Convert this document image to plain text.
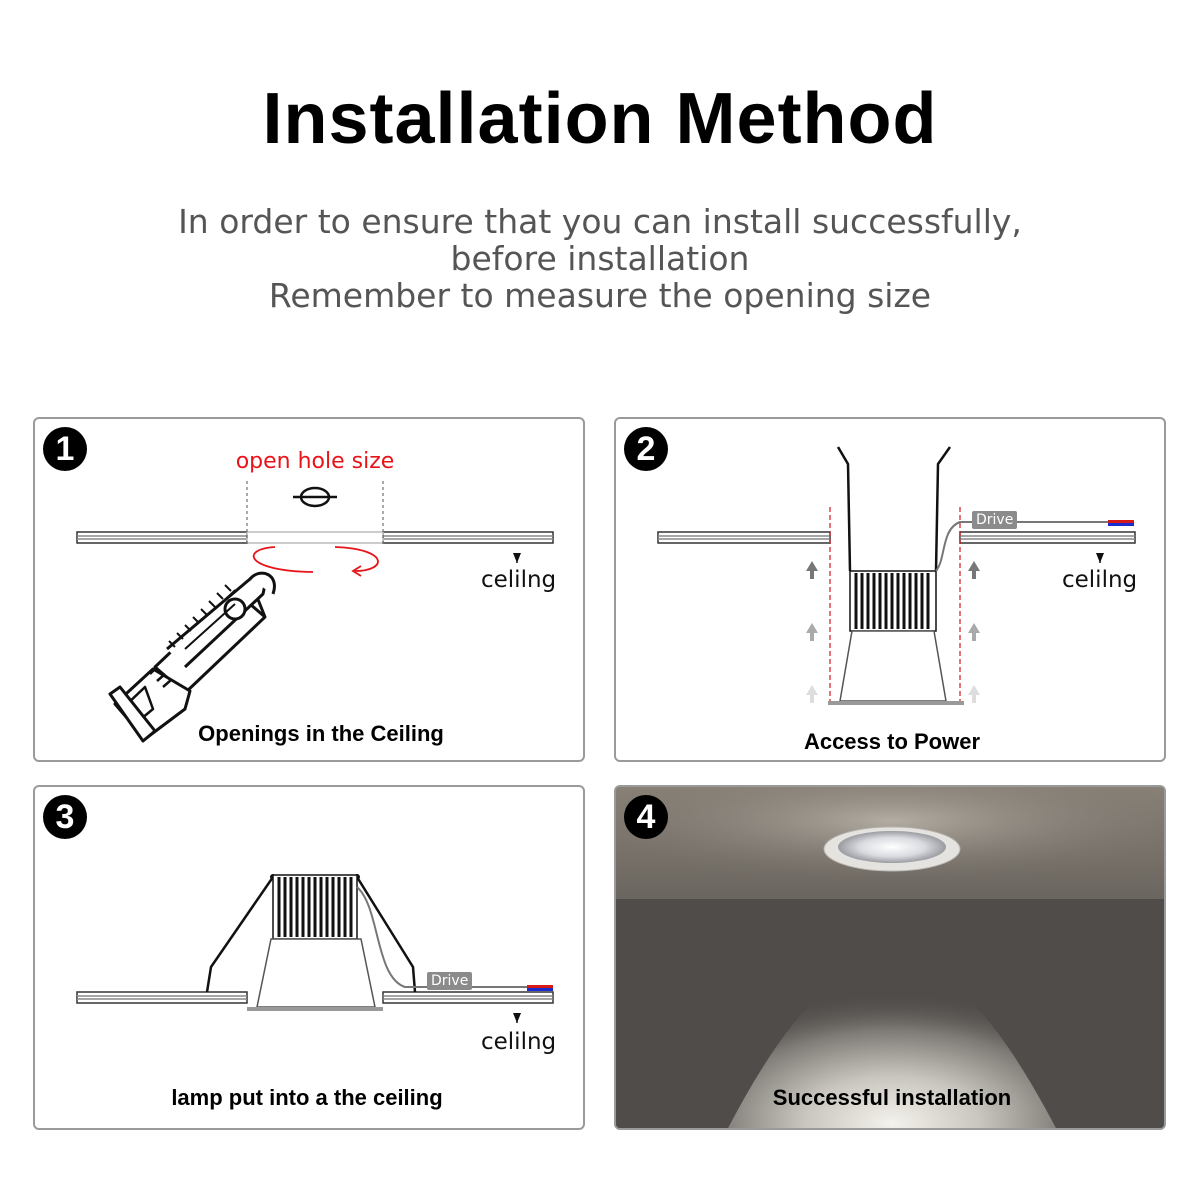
Installation Method
In order to ensure that you can install successfully,
before installation
Remember to measure the opening size
1	open hole size
celilng
Openings in the Ceiling
2
Drive
celilng
Access to Power
3
Drive
celilng
lamp put into a the ceiling
4
Successful installation
